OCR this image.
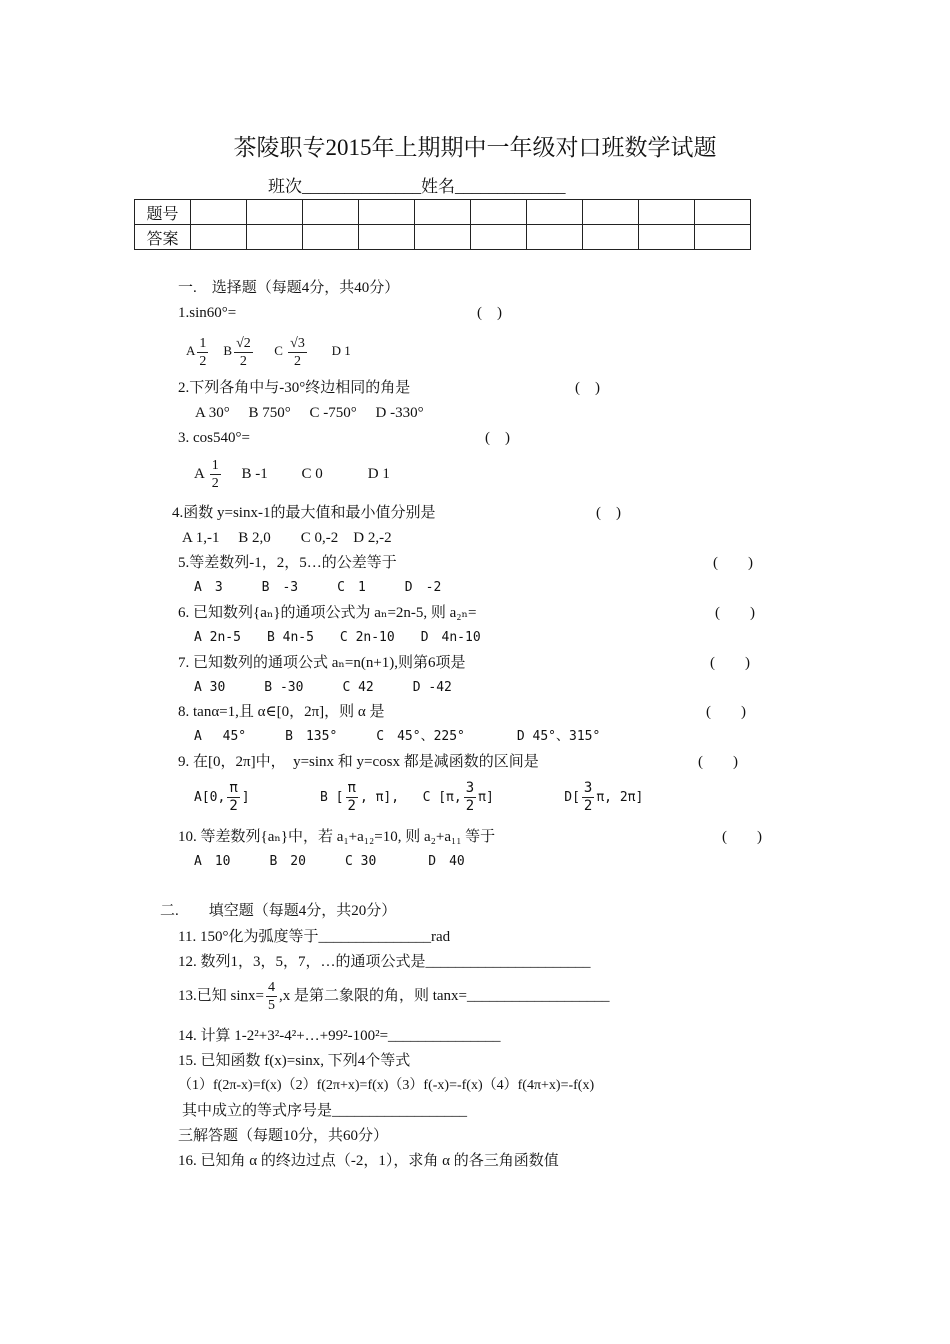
茶陵职专2015年上期期中一年级对口班数学试题
班次______________姓名_____________
题号										
答案										
一.　选择题（每题4分，共40分）
1.sin60°=	(　)
A $\frac{1}{2}$ B $\frac{√2}{2}$ C $\frac{√3}{2}$ D 1
2.下列各角中与-30°终边相同的角是	(　)
A 30°　 B 750°　 C -750°　 D -330°
3. cos540°=	(　)
A $\frac{1}{2}$ B -1　　 C 0　　　D 1
4.函数 y=sinx-1的最大值和最小值分别是	(　)
A 1,-1　 B 2,0　　C 0,-2　D 2,-2
5.等差数列-1，2，5…的公差等于	(　　)
A　3　　　B　-3　　　C　1　　　D　-2
6. 已知数列{aₙ}的通项公式为 aₙ=2n-5, 则 a₂ₙ=	(　　)
A 2n-5　　B 4n-5　　C 2n-10　　D　4n-10
7. 已知数列的通项公式 aₙ=n(n+1),则第6项是	(　　)
A 30　　　B -30　　　C 42　　　D -42
8. tanα=1,且 α∈[0，2π]，则 α 是	(　　)
A　 45°　　　B　135°　　　C　45°、225°　　　　D 45°、315°
9. 在[0，2π]中，　y=sinx 和 y=cosx 都是减函数的区间是	(　　)
A[0, $\frac{\pi}{2}$ ]	B [ $\frac{\pi}{2}$ , π], C [π, $\frac{3}{2} \pi$]	$D[ \frac{3}{2} \pi$, 2π]
10. 等差数列{aₙ}中，若 a₁+a₁₂=10, 则 a₂+a₁₁ 等于	(　　)
A　10　　　B　20　　　C 30　　　　D　40
二.　　填空题（每题4分，共20分）
11. 150°化为弧度等于_______________rad
12. 数列1，3，5，7，…的通项公式是______________________
13.已知 $\sin x= \frac{4}{5} ,x$ 是第二象限的角，则 tanx=___________________
14. 计算 1-2²+3²-4²+…+99²-100²=_______________
15. 已知函数 f(x)=sinx, 下列4个等式
（1）f(2π-x)=f(x)（2）f(2π+x)=f(x)（3）f(-x)=-f(x)（4）f(4π+x)=-f(x)
其中成立的等式序号是__________________
三解答题（每题10分，共60分）
16. 已知角 α 的终边过点（-2，1），求角 α 的各三角函数值
